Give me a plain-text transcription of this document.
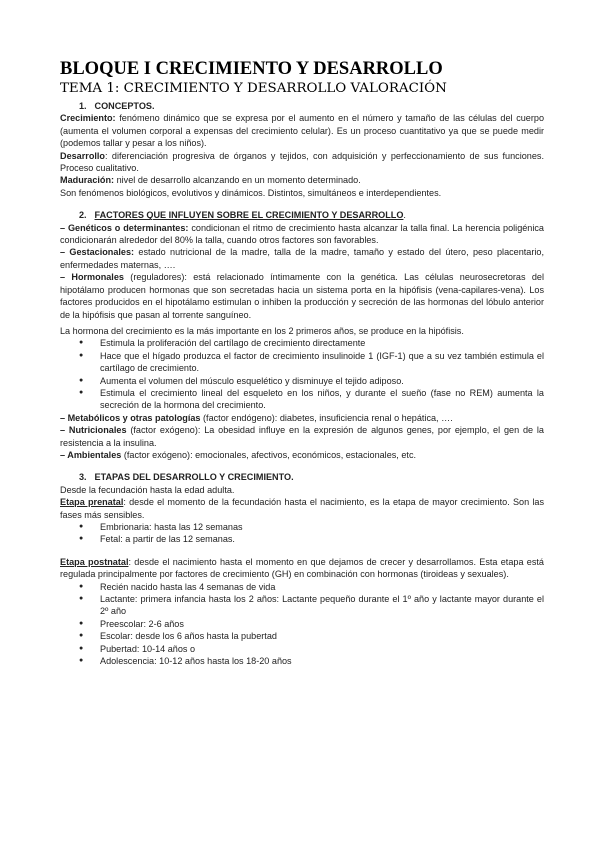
BLOQUE I CRECIMIENTO Y DESARROLLO
TEMA 1: CRECIMIENTO Y DESARROLLO VALORACIÓN
1. CONCEPTOS.

Crecimiento: fenómeno dinámico que se expresa por el aumento en el número y tamaño de las células del cuerpo (aumenta el volumen corporal a expensas del crecimiento celular). Es un proceso cuantitativo ya que se puede medir (podemos tallar y pesar a los niños).

Desarrollo: diferenciación progresiva de órganos y tejidos, con adquisición y perfeccionamiento de sus funciones. Proceso cualitativo.

Maduración: nivel de desarrollo alcanzando en un momento determinado.

Son fenómenos biológicos, evolutivos y dinámicos. Distintos, simultáneos e interdependientes.

2. FACTORES QUE INFLUYEN SOBRE EL CRECIMIENTO Y DESARROLLO.

– Genéticos o determinantes: condicionan el ritmo de crecimiento hasta alcanzar la talla final. La herencia poligénica condicionarán alrededor del 80% la talla, cuando otros factores son favorables.

– Gestacionales: estado nutricional de la madre, talla de la madre, tamaño y estado del útero, peso placentario, enfermedades maternas, ….

– Hormonales (reguladores): está relacionado íntimamente con la genética. Las células neurosecretoras del hipotálamo producen hormonas que son secretadas hacia un sistema porta en la hipófisis (vena-capilares-vena). Los factores producidos en el hipotálamo estimulan o inhiben la producción y secreción de las hormonas del lóbulo anterior de la hipófisis que pasan al torrente sanguíneo.

La hormona del crecimiento es la más importante en los 2 primeros años, se produce en la hipófisis.

● Estimula la proliferación del cartílago de crecimiento directamente
● Hace que el hígado produzca el factor de crecimiento insulinoide 1 (IGF-1) que a su vez también estimula el cartílago de crecimiento.
● Aumenta el volumen del músculo esquelético y disminuye el tejido adiposo.
● Estimula el crecimiento lineal del esqueleto en los niños, y durante el sueño (fase no REM) aumenta la secreción de la hormona del crecimiento.

– Metabólicos y otras patologías (factor endógeno): diabetes, insuficiencia renal o hepática, ….

– Nutricionales (factor exógeno): La obesidad influye en la expresión de algunos genes, por ejemplo, el gen de la resistencia a la insulina.

– Ambientales (factor exógeno): emocionales, afectivos, económicos, estacionales, etc.

3. ETAPAS DEL DESARROLLO Y CRECIMIENTO.

Desde la fecundación hasta la edad adulta.

Etapa prenatal: desde el momento de la fecundación hasta el nacimiento, es la etapa de mayor crecimiento. Son las fases más sensibles.

● Embrionaria: hasta las 12 semanas
● Fetal: a partir de las 12 semanas.

Etapa postnatal: desde el nacimiento hasta el momento en que dejamos de crecer y desarrollamos. Esta etapa está regulada principalmente por factores de crecimiento (GH) en combinación con hormonas (tiroideas y sexuales).

● Recién nacido hasta las 4 semanas de vida
● Lactante: primera infancia hasta los 2 años: Lactante pequeño durante el 1º año y lactante mayor durante el 2º año
● Preescolar: 2-6 años
● Escolar: desde los 6 años hasta la pubertad
● Pubertad: 10-14 años o
● Adolescencia: 10-12 años hasta los 18-20 años
